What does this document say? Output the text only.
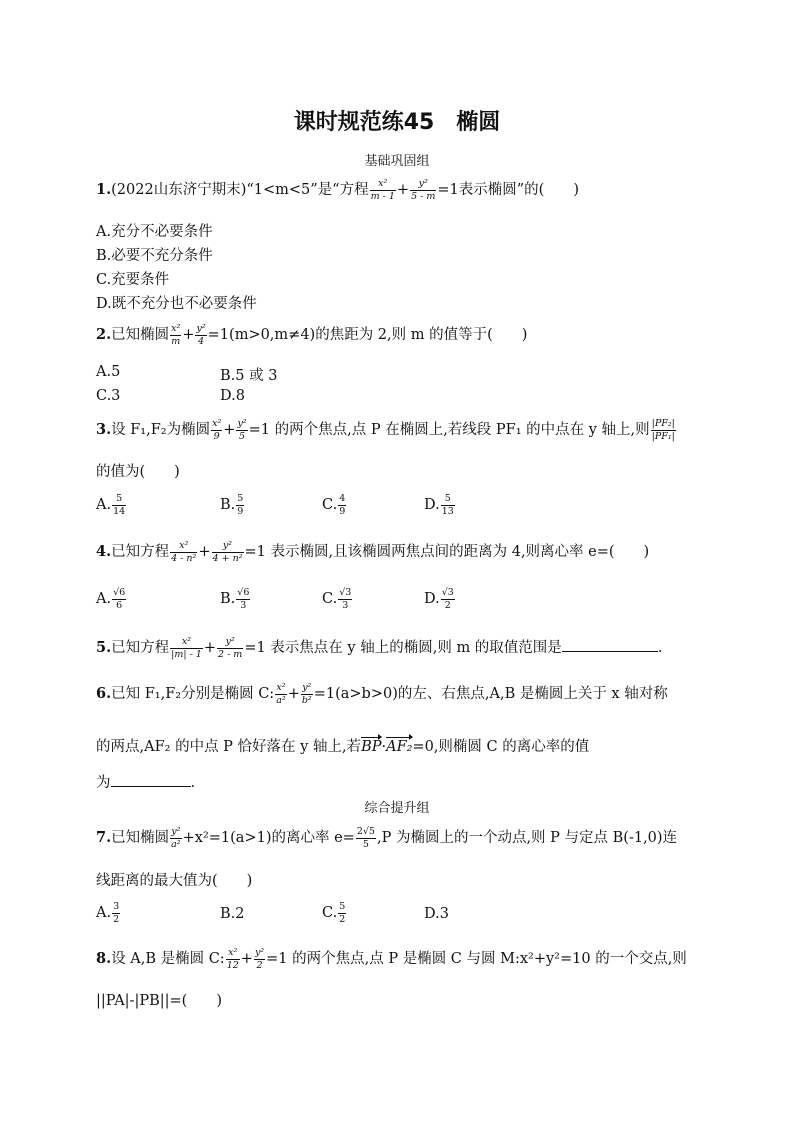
课时规范练45　椭圆
基础巩固组
1.(2022山东济宁期末)“1<m<5”是“方程 $\frac{\text{x²}}{m - 1} + \frac{\text{y²}}{5 - m} =1$表示椭圆”的(　　)
A.充分不必要条件
B.必要不充分条件
C.充要条件
D.既不充分也不必要条件
2.已知椭圆 $\frac{\text{x²}}{m} + \frac{\text{y²}}{4} =1(m>0,m\ne 4)$的焦距为 2,则 m 的值等于(　　)
A.5	B.5 或 3
C.3	D.8
3.设 F₁,F₂为椭圆 $\frac{\text{x²}}{9} + \frac{\text{y²}}{5} =1$ 的两个焦点,点 P 在椭圆上,若线段 PF₁ 的中点在 y 轴上,则 $\frac{\text{|PF₂|}}{\text{|PF₁|}}$
的值为(　　)
A. $\frac{5}{14}$	B. $\frac{5}{9}$	C. $\frac{4}{9}$	D. $\frac{5}{13}$
4.已知方程 $\frac{\text{x²}}{\text{4 - n²}} + \frac{\text{y²}}{\text{4 + n²}} =1$ 表示椭圆,且该椭圆两焦点间的距离为 4,则离心率 e=(　　)
A. $\frac{√6}{6}$	B. $\frac{√6}{3}$	C. $\frac{√3}{3}$	D. $\frac{√3}{2}$
5.已知方程 $\frac{\text{x²}}{|m| - 1} + \frac{\text{y²}}{2 - m} =1$ 表示焦点在 y 轴上的椭圆,则 m 的取值范围是	.
6.已知 F₁,F₂分别是椭圆 C: $\frac{\text{x²}}{\text{a²}} + \frac{\text{y²}}{\text{b²}} =1(a>b>0)$的左、右焦点,A,B 是椭圆上关于 x 轴对称
的两点,AF₂ 的中点 P 恰好落在 y 轴上,若BP·AF₂=0,则椭圆 C 的离心率的值
为	.
综合提升组
7.已知椭圆 $\frac{\text{y²}}{\text{a²}} +x^2=1(a>1)$的离心率 $e= \frac{2√5}{5} ,P$ 为椭圆上的一个动点,则 P 与定点 B(-1,0)连
线距离的最大值为(　　)
A. $\frac{3}{2}$	B.2	C. $\frac{5}{2}$	D.3
8.设 A,B 是椭圆 C: $\frac{\text{x²}}{12} + \frac{\text{y²}}{2} =1$ 的两个焦点,点 P 是椭圆 C 与圆 M:x²+y²=10 的一个交点,则
||PA|-|PB||=(　　)
